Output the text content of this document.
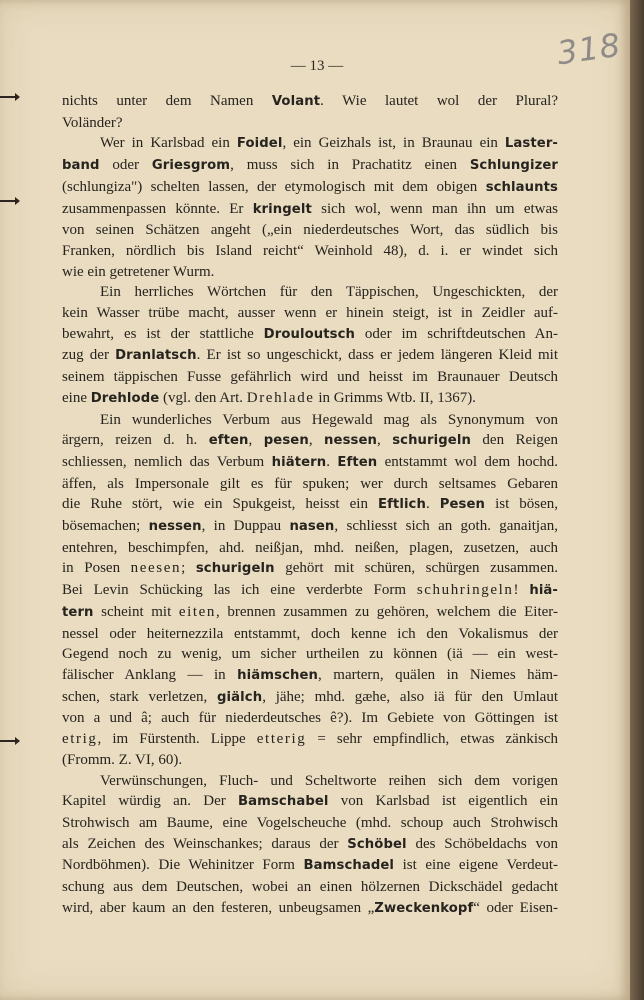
— 13 —	318

nichts unter dem Namen Volant. Wie lautet wol der Plural?

Voländer?

Wer in Karlsbad ein Foidel, ein Geizhals ist, in Braunau ein Laster-

band oder Griesgrom, muss sich in Prachatitz einen Schlungizer

(schlungiza") schelten lassen, der etymologisch mit dem obigen schlaunts

zusammenpassen könnte. Er kringelt sich wol, wenn man ihn um etwas

von seinen Schätzen angeht („ein niederdeutsches Wort, das südlich bis

Franken, nördlich bis Island reicht“ Weinhold 48), d. i. er windet sich

wie ein getretener Wurm.

Ein herrliches Wörtchen für den Täppischen, Ungeschickten, der

kein Wasser trübe macht, ausser wenn er hinein steigt, ist in Zeidler auf-

bewahrt, es ist der stattliche Drouloutsch oder im schriftdeutschen An-

zug der Dranlatsch. Er ist so ungeschickt, dass er jedem längeren Kleid mit

seinem täppischen Fusse gefährlich wird und heisst im Braunauer Deutsch

eine Drehlode (vgl. den Art. Drehlade in Grimms Wtb. II, 1367).

Ein wunderliches Verbum aus Hegewald mag als Synonymum von

ärgern, reizen d. h. eften, pesen, nessen, schurigeln den Reigen

schliessen, nemlich das Verbum hiätern. Eften entstammt wol dem hochd.

äffen, als Impersonale gilt es für spuken; wer durch seltsames Gebaren

die Ruhe stört, wie ein Spukgeist, heisst ein Eftlich. Pesen ist bösen,

bösemachen; nessen, in Duppau nasen, schliesst sich an goth. ganaitjan,

entehren, beschimpfen, ahd. neißjan, mhd. neißen, plagen, zusetzen, auch

in Posen neesen; schurigeln gehört mit schüren, schürgen zusammen.

Bei Levin Schücking las ich eine verderbte Form schuhringeln! hiä-

tern scheint mit eiten, brennen zusammen zu gehören, welchem die Eiter-

nessel oder heiternezzila entstammt, doch kenne ich den Vokalismus der

Gegend noch zu wenig, um sicher urtheilen zu können (iä — ein west-

fälischer Anklang — in hiämschen, martern, quälen in Niemes häm-

schen, stark verletzen, giälch, jähe; mhd. gæhe, also iä für den Umlaut

von a und â; auch für niederdeutsches ê?). Im Gebiete von Göttingen ist

etrig, im Fürstenth. Lippe etterig = sehr empfindlich, etwas zänkisch

(Fromm. Z. VI, 60).

Verwünschungen, Fluch- und Scheltworte reihen sich dem vorigen

Kapitel würdig an. Der Bamschabel von Karlsbad ist eigentlich ein

Strohwisch am Baume, eine Vogelscheuche (mhd. schoup auch Strohwisch

als Zeichen des Weinschankes; daraus der Schöbel des Schöbeldachs von

Nordböhmen). Die Wehinitzer Form Bamschadel ist eine eigene Verdeut-

schung aus dem Deutschen, wobei an einen hölzernen Dickschädel gedacht

wird, aber kaum an den festeren, unbeugsamen „Zweckenkopf“ oder Eisen-
